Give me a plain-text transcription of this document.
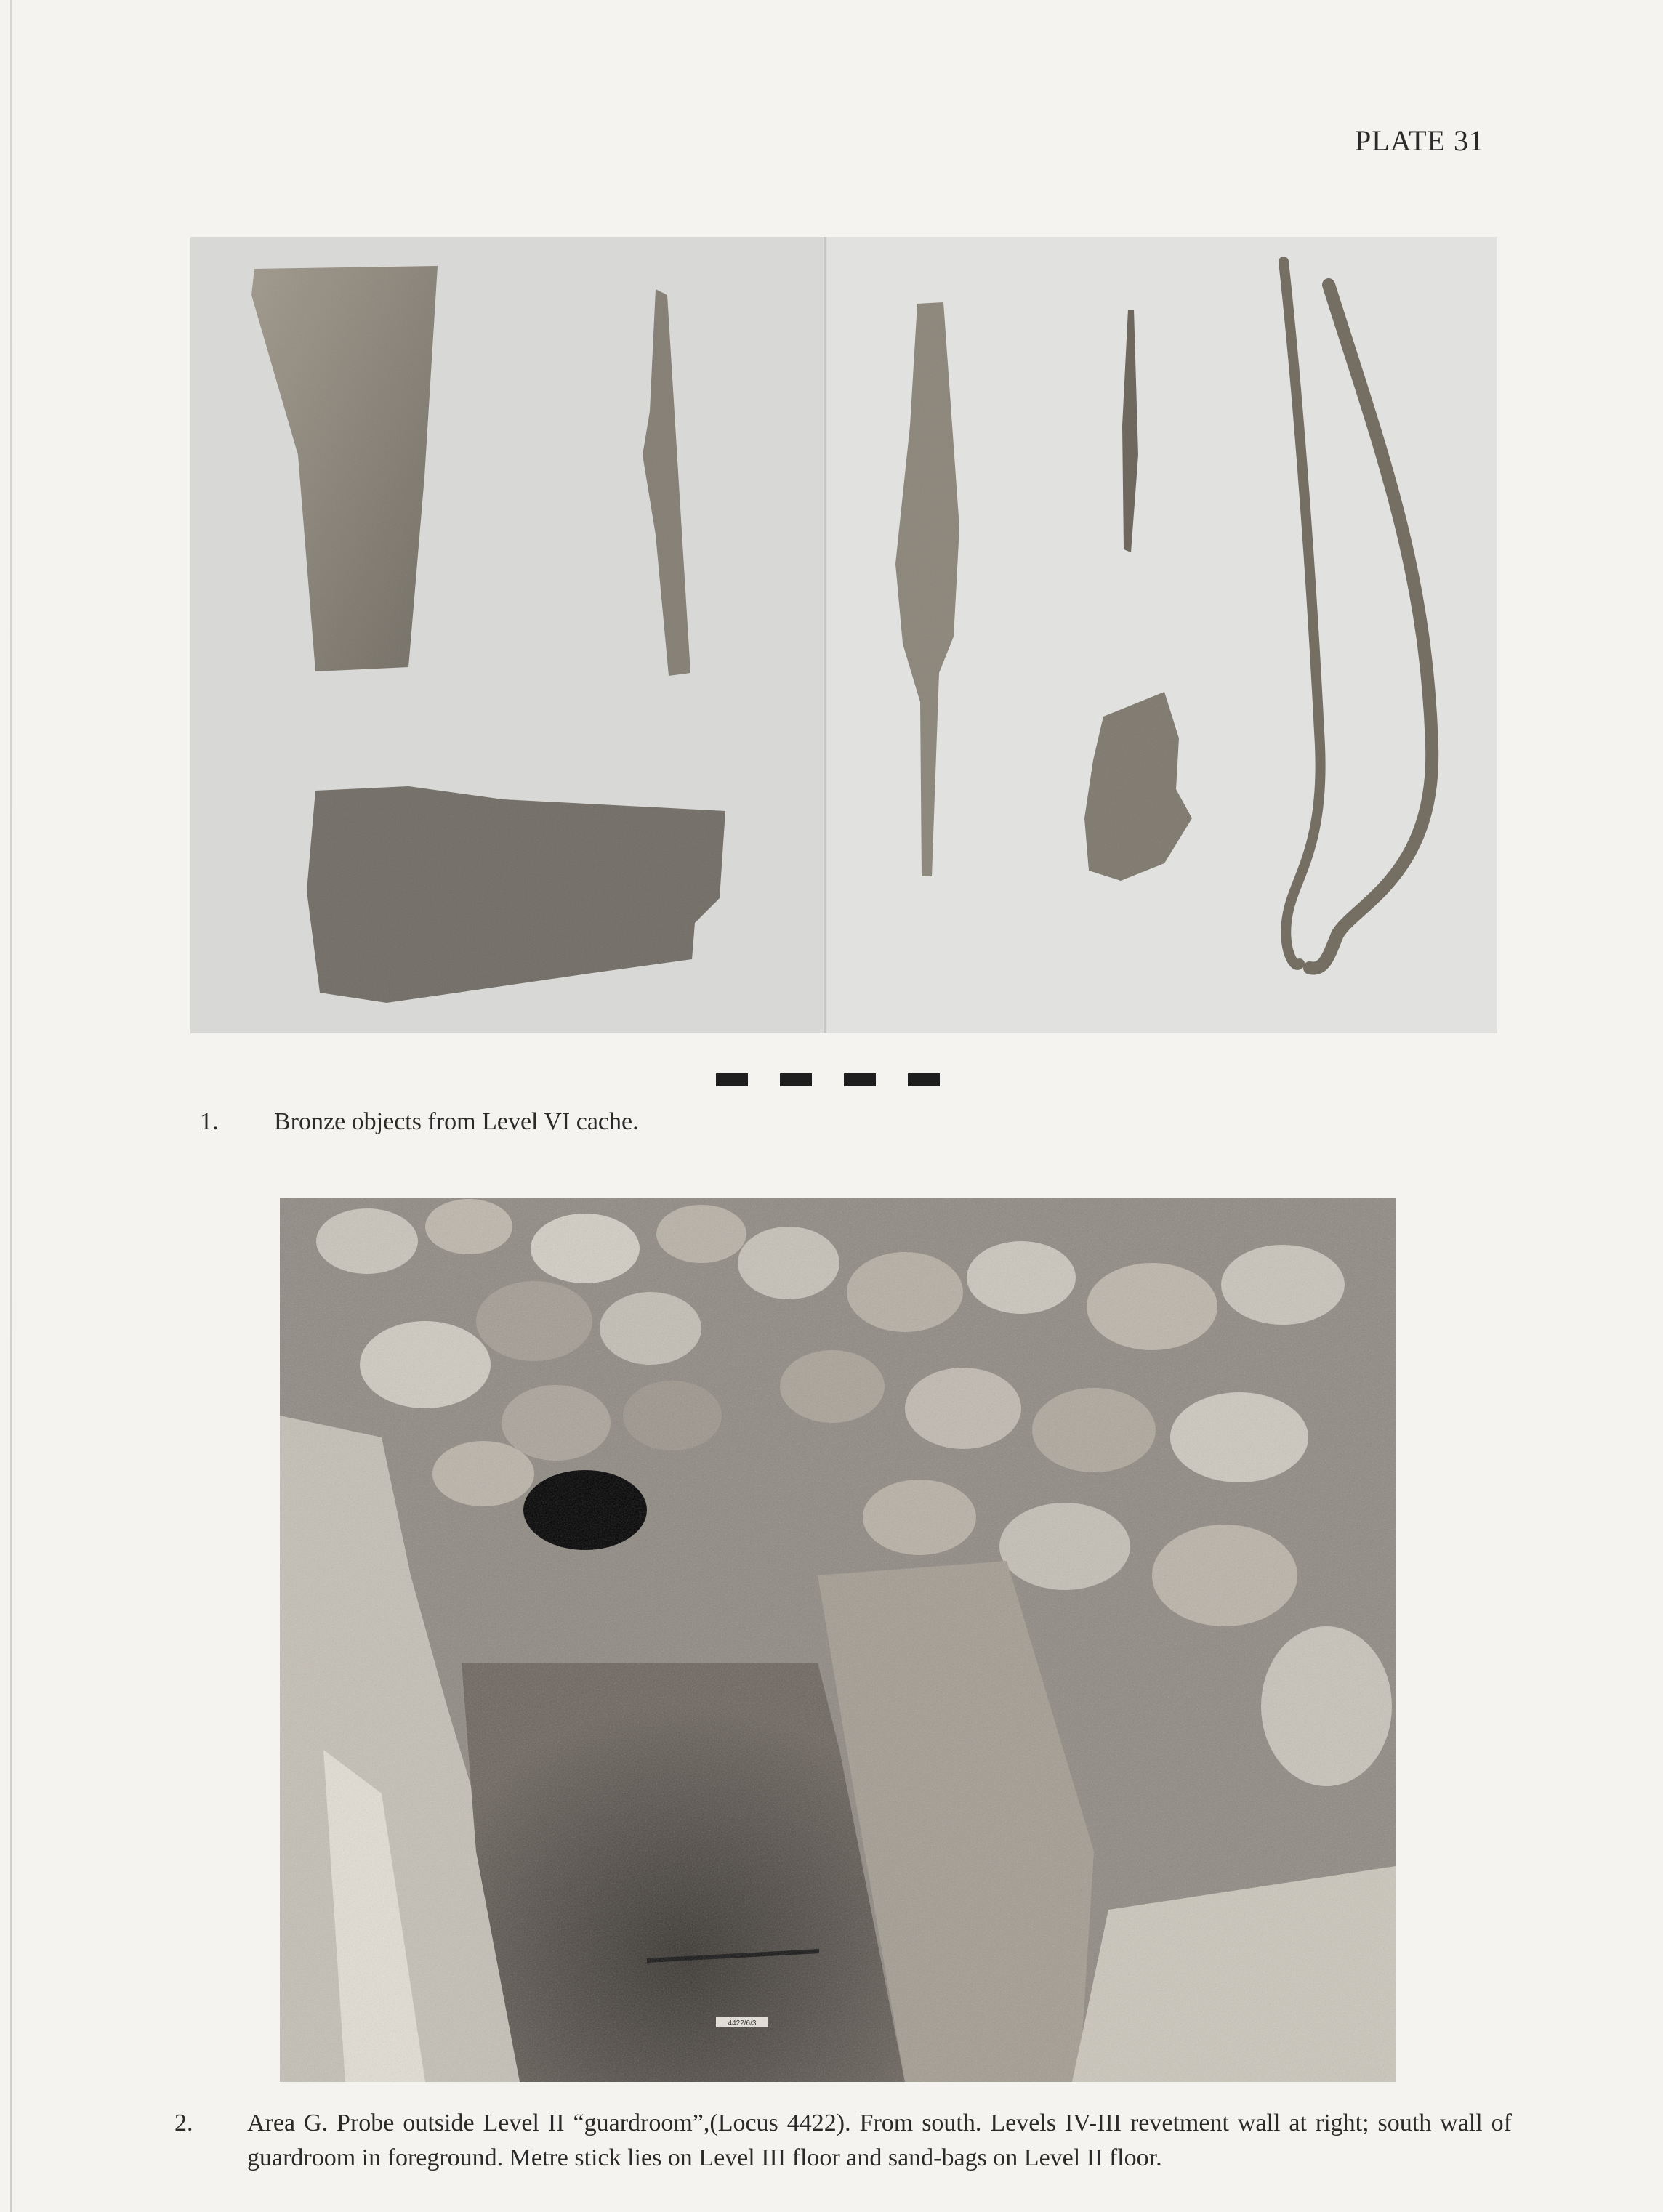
PLATE 31
1. Bronze objects from Level VI cache.
2. Area G. Probe outside Level II “guardroom”,(Locus 4422). From south. Levels IV-III revetment wall at right; south wall of guardroom in foreground. Metre stick lies on Level III floor and sand-bags on Level II floor.
